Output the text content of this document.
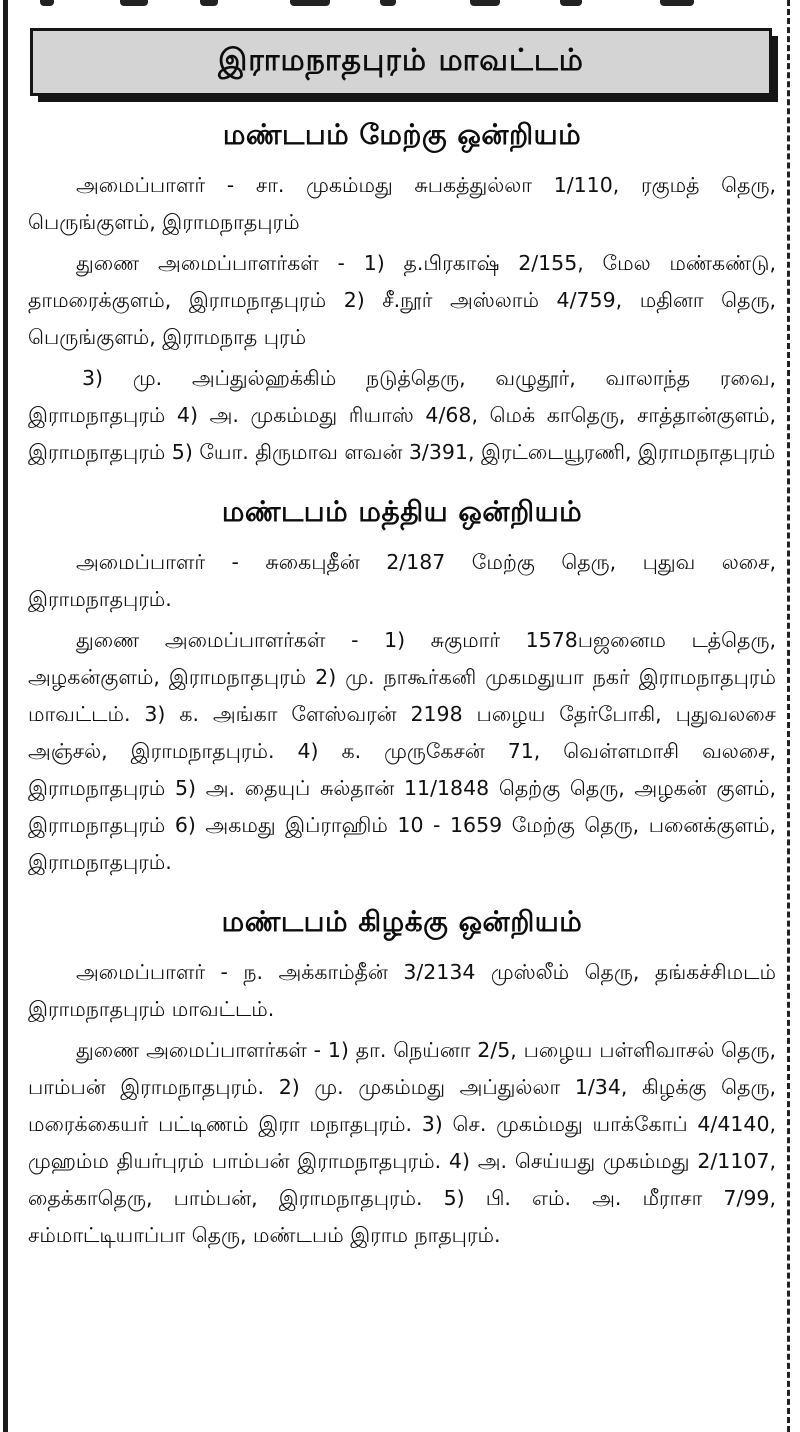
இராமநாதபுரம் மாவட்டம்
மண்டபம் மேற்கு ஒன்றியம்

அமைப்பாளர் - சா. முகம்மது சுபகத்துல்லா 1/110, ரகுமத் தெரு, பெருங்குளம், இராமநாதபுரம்

துணை அமைப்பாளர்கள் - 1) த.பிரகாஷ் 2/155, மேல மண்கண்டு, தாமரைக்குளம், இராமநாதபுரம் 2) சீ.நூர் அஸ்லாம் 4/759, மதினா தெரு, பெருங்குளம், இராமநாத புரம்

3) மு. அப்துல்ஹக்கிம் நடுத்தெரு, வழுதூர், வாலாந்த ரவை, இராமநாதபுரம் 4) அ. முகம்மது ரியாஸ் 4/68, மெக் காதெரு, சாத்தான்குளம், இராமநாதபுரம் 5) யோ. திருமாவ ளவன் 3/391, இரட்டையூரணி, இராமநாதபுரம்

மண்டபம் மத்திய ஒன்றியம்

அமைப்பாளர் - சுகைபுதீன் 2/187 மேற்கு தெரு, புதுவ லசை, இராமநாதபுரம்.

துணை அமைப்பாளர்கள் - 1) சுகுமார் 1578பஜனைம டத்தெரு, அழகன்குளம், இராமநாதபுரம் 2) மு. நாகூர்கனி முகமதுயா நகர் இராமநாதபுரம் மாவட்டம். 3) க. அங்கா ளேஸ்வரன் 2198 பழைய தேர்போகி, புதுவலசை அஞ்சல், இராமநாதபுரம். 4) க. முருகேசன் 71, வெள்ளமாசி வலசை, இராமநாதபுரம் 5) அ. தையுப் சுல்தான் 11/1848 தெற்கு தெரு, அழகன் குளம், இராமநாதபுரம் 6) அகமது இப்ராஹிம் 10 - 1659 மேற்கு தெரு, பனைக்குளம், இராமநாதபுரம்.

மண்டபம் கிழக்கு ஒன்றியம்

அமைப்பாளர் - ந. அக்காம்தீன் 3/2134 முஸ்லீம் தெரு, தங்கச்சிமடம் இராமநாதபுரம் மாவட்டம்.

துணை அமைப்பாளர்கள் - 1) தா. நெய்னா 2/5, பழைய பள்ளிவாசல் தெரு, பாம்பன் இராமநாதபுரம். 2) மு. முகம்மது அப்துல்லா 1/34, கிழக்கு தெரு, மரைக்கையர் பட்டிணம் இரா மநாதபுரம். 3) செ. முகம்மது யாக்கோப் 4/4140, முஹம்ம தியர்புரம் பாம்பன் இராமநாதபுரம். 4) அ. செய்யது முகம்மது 2/1107, தைக்காதெரு, பாம்பன், இராமநாதபுரம். 5) பி. எம். அ. மீராசா 7/99, சம்மாட்டியாப்பா தெரு, மண்டபம் இராம நாதபுரம்.
